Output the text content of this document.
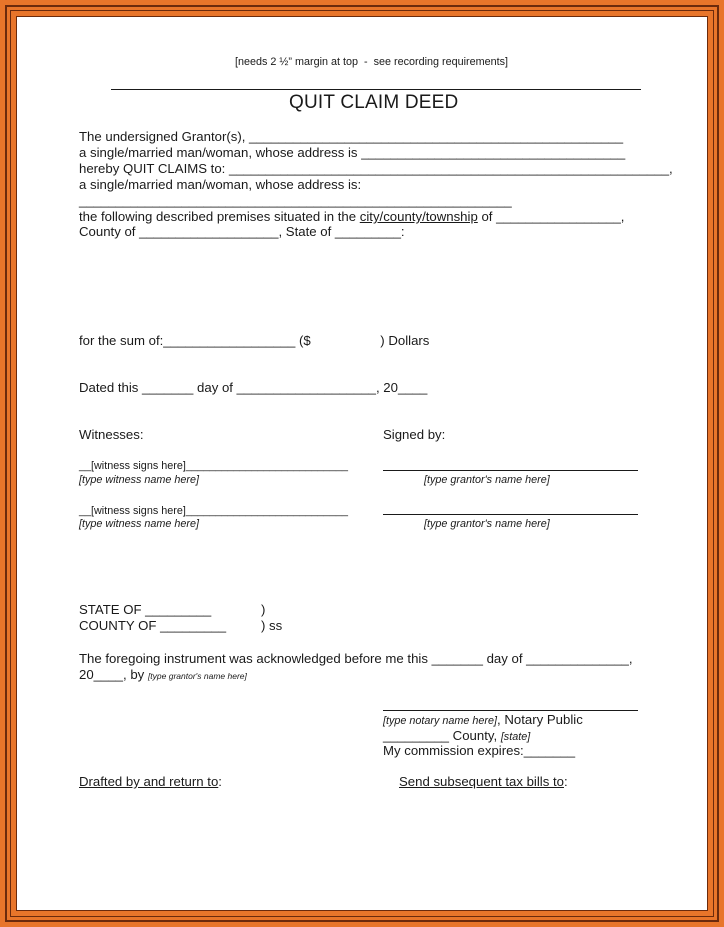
[needs 2 ½” margin at top  -  see recording requirements]
QUIT CLAIM DEED
The undersigned Grantor(s), ___________________________________________________
a single/married man/woman, whose address is ____________________________________
hereby QUIT CLAIMS to: ____________________________________________________________,
a single/married man/woman, whose address is:
___________________________________________________________
the following described premises situated in the city/county/township of _________________,
County of ___________________, State of _________:
for the sum of:__________________ ($                   ) Dollars
Dated this _______ day of ___________________, 20____
Witnesses:	Signed by:
__[witness signs here]___________________________
[type witness name here]	[type grantor's name here]
__[witness signs here]___________________________
[type witness name here]	[type grantor's name here]
STATE OF _________	)
COUNTY OF _________	) ss
The foregoing instrument was acknowledged before me this _______ day of ______________,
20____, by [type grantor's name here]
[type notary name here], Notary Public
_________ County, [state]
My commission expires:_______
Drafted by and return to:	Send subsequent tax bills to:
